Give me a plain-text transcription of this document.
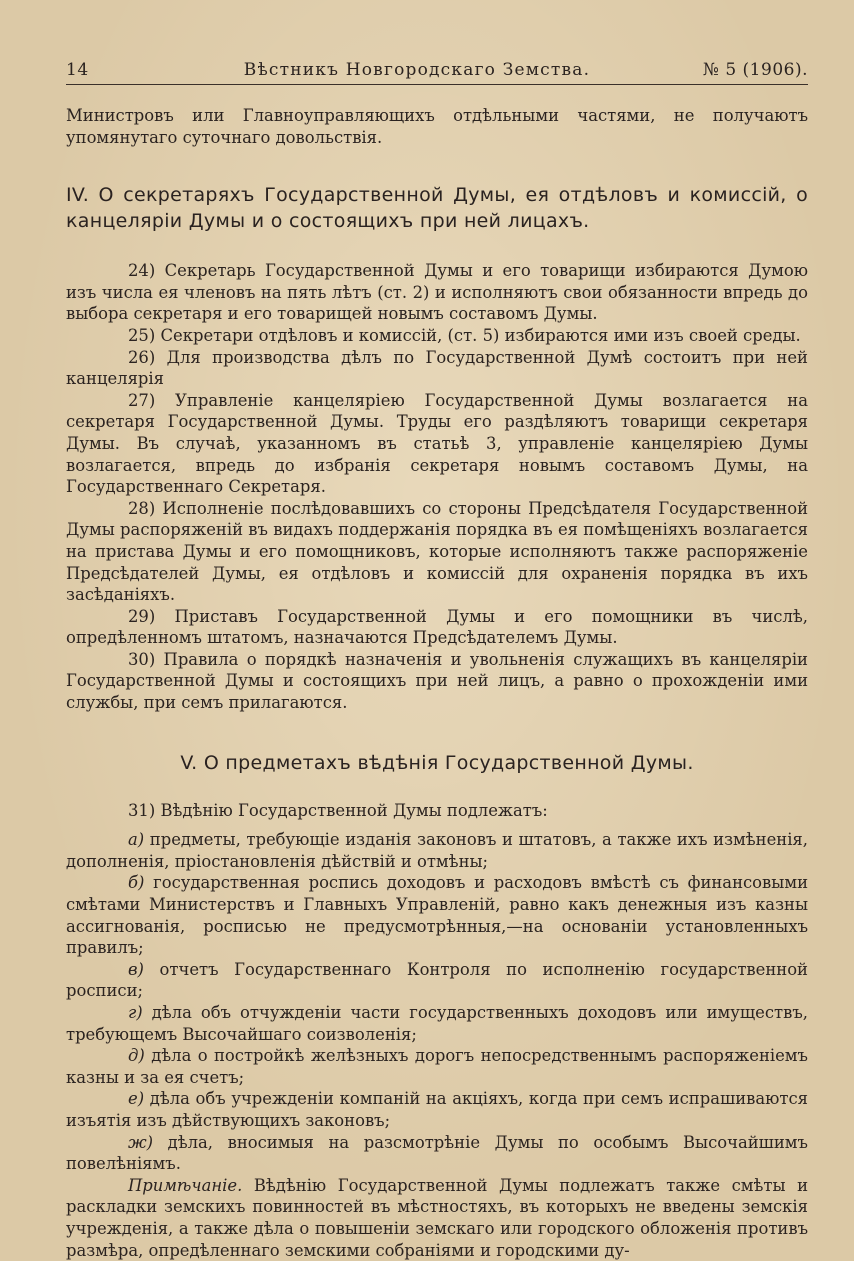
14	Вѣстникъ Новгородскаго Земства.	№ 5 (1906).

Министровъ или Главноуправляющихъ отдѣльными частями, не получаютъ упомянутаго суточнаго довольствія.

IV. О секретаряхъ Государственной Думы, ея отдѣловъ и комиссій, о канцеляріи Думы и о состоящихъ при ней лицахъ.

24) Секретарь Государственной Думы и его товарищи избираются Думою изъ числа ея членовъ на пять лѣтъ (ст. 2) и исполняютъ свои обязанности впредь до выбора секретаря и его товарищей новымъ составомъ Думы.

25) Секретари отдѣловъ и комиссій, (ст. 5) избираются ими изъ своей среды.

26) Для производства дѣлъ по Государственной Думѣ состоитъ при ней канцелярія

27) Управленіе канцеляріею Государственной Думы возлагается на секретаря Государственной Думы. Труды его раздѣляютъ товарищи секретаря Думы. Въ случаѣ, указанномъ въ статьѣ 3, управленіе канцеляріею Думы возлагается, впредь до избранія секретаря новымъ составомъ Думы, на Государственнаго Секретаря.

28) Исполненіе послѣдовавшихъ со стороны Предсѣдателя Государственной Думы распоряженій въ видахъ поддержанія порядка въ ея помѣщеніяхъ возлагается на пристава Думы и его помощниковъ, которые исполняютъ также распоряженіе Предсѣдателей Думы, ея отдѣловъ и комиссій для охраненія порядка въ ихъ засѣданіяхъ.

29) Приставъ Государственной Думы и его помощники въ числѣ, опредѣленномъ штатомъ, назначаются Предсѣдателемъ Думы.

30) Правила о порядкѣ назначенія и увольненія служащихъ въ канцеляріи Государственной Думы и состоящихъ при ней лицъ, а равно о прохожденіи ими службы, при семъ прилагаются.

V. О предметахъ вѣдѣнія Государственной Думы.

31) Вѣдѣнію Государственной Думы подлежатъ:

а) предметы, требующіе изданія законовъ и штатовъ, а также ихъ измѣненія, дополненія, пріостановленія дѣйствій и отмѣны;

б) государственная роспись доходовъ и расходовъ вмѣстѣ съ финансовыми смѣтами Министерствъ и Главныхъ Управленій, равно какъ денежныя изъ казны ассигнованія, росписью не предусмотрѣнныя,—на основаніи установленныхъ правилъ;

в) отчетъ Государственнаго Контроля по исполненію государственной росписи;

г) дѣла объ отчужденіи части государственныхъ доходовъ или имуществъ, требующемъ Высочайшаго соизволенія;

д) дѣла о постройкѣ желѣзныхъ дорогъ непосредственнымъ распоряженіемъ казны и за ея счетъ;

е) дѣла объ учрежденіи компаній на акціяхъ, когда при семъ испрашиваются изъятія изъ дѣйствующихъ законовъ;

ж) дѣла, вносимыя на разсмотрѣніе Думы по особымъ Высочайшимъ повелѣніямъ.

Примѣчаніе. Вѣдѣнію Государственной Думы подлежатъ также смѣты и раскладки земскихъ повинностей въ мѣстностяхъ, въ которыхъ не введены земскія учрежденія, а также дѣла о повышеніи земскаго или городского обложенія противъ размѣра, опредѣленнаго земскими собраніями и городскими ду-
